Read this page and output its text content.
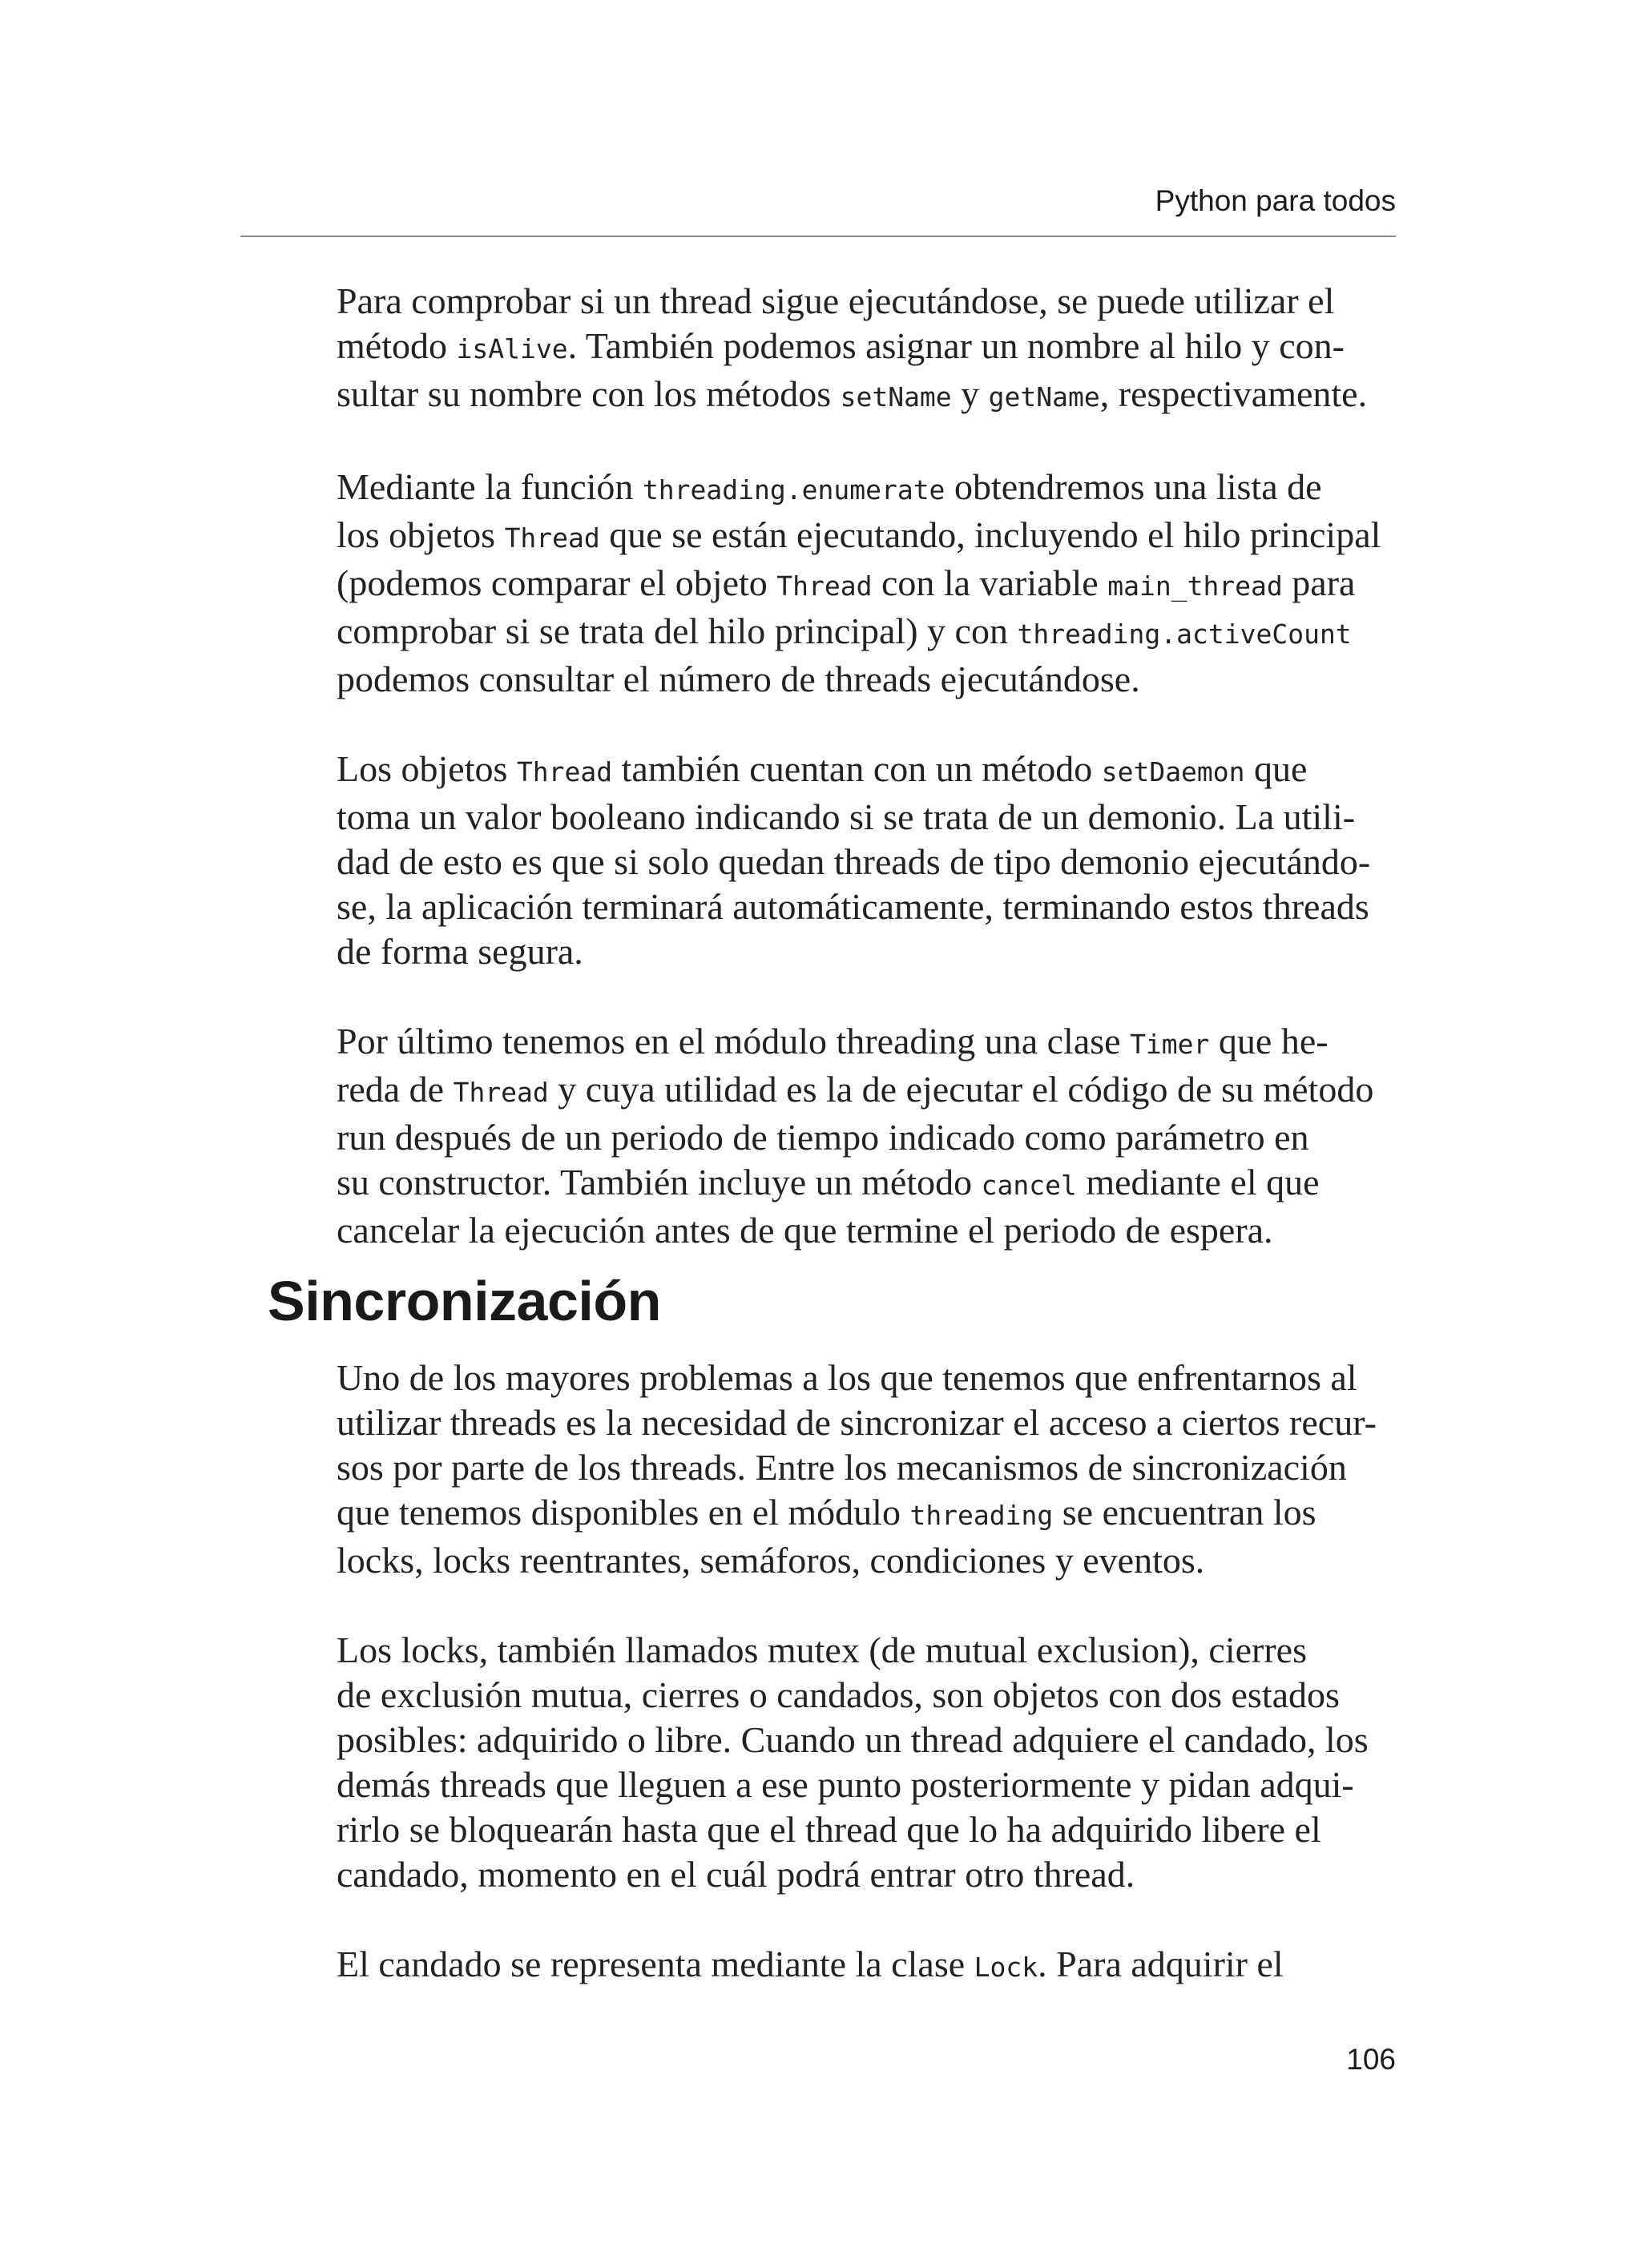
Python para todos

Para comprobar si un thread sigue ejecutándose, se puede utilizar el
método isAlive. También podemos asignar un nombre al hilo y con-
sultar su nombre con los métodos setName y getName, respectivamente.

Mediante la función threading.enumerate obtendremos una lista de
los objetos Thread que se están ejecutando, incluyendo el hilo principal
(podemos comparar el objeto Thread con la variable main_thread para
comprobar si se trata del hilo principal) y con threading.activeCount
podemos consultar el número de threads ejecutándose.

Los objetos Thread también cuentan con un método setDaemon que
toma un valor booleano indicando si se trata de un demonio. La utili-
dad de esto es que si solo quedan threads de tipo demonio ejecutándo-
se, la aplicación terminará automáticamente, terminando estos threads
de forma segura.

Por último tenemos en el módulo threading una clase Timer que he-
reda de Thread y cuya utilidad es la de ejecutar el código de su método
run después de un periodo de tiempo indicado como parámetro en
su constructor. También incluye un método cancel mediante el que
cancelar la ejecución antes de que termine el periodo de espera.

Sincronización

Uno de los mayores problemas a los que tenemos que enfrentarnos al
utilizar threads es la necesidad de sincronizar el acceso a ciertos recur-
sos por parte de los threads. Entre los mecanismos de sincronización
que tenemos disponibles en el módulo threading se encuentran los
locks, locks reentrantes, semáforos, condiciones y eventos.

Los locks, también llamados mutex (de mutual exclusion), cierres
de exclusión mutua, cierres o candados, son objetos con dos estados
posibles: adquirido o libre. Cuando un thread adquiere el candado, los
demás threads que lleguen a ese punto posteriormente y pidan adqui-
rirlo se bloquearán hasta que el thread que lo ha adquirido libere el
candado, momento en el cuál podrá entrar otro thread.

El candado se representa mediante la clase Lock. Para adquirir el

106
